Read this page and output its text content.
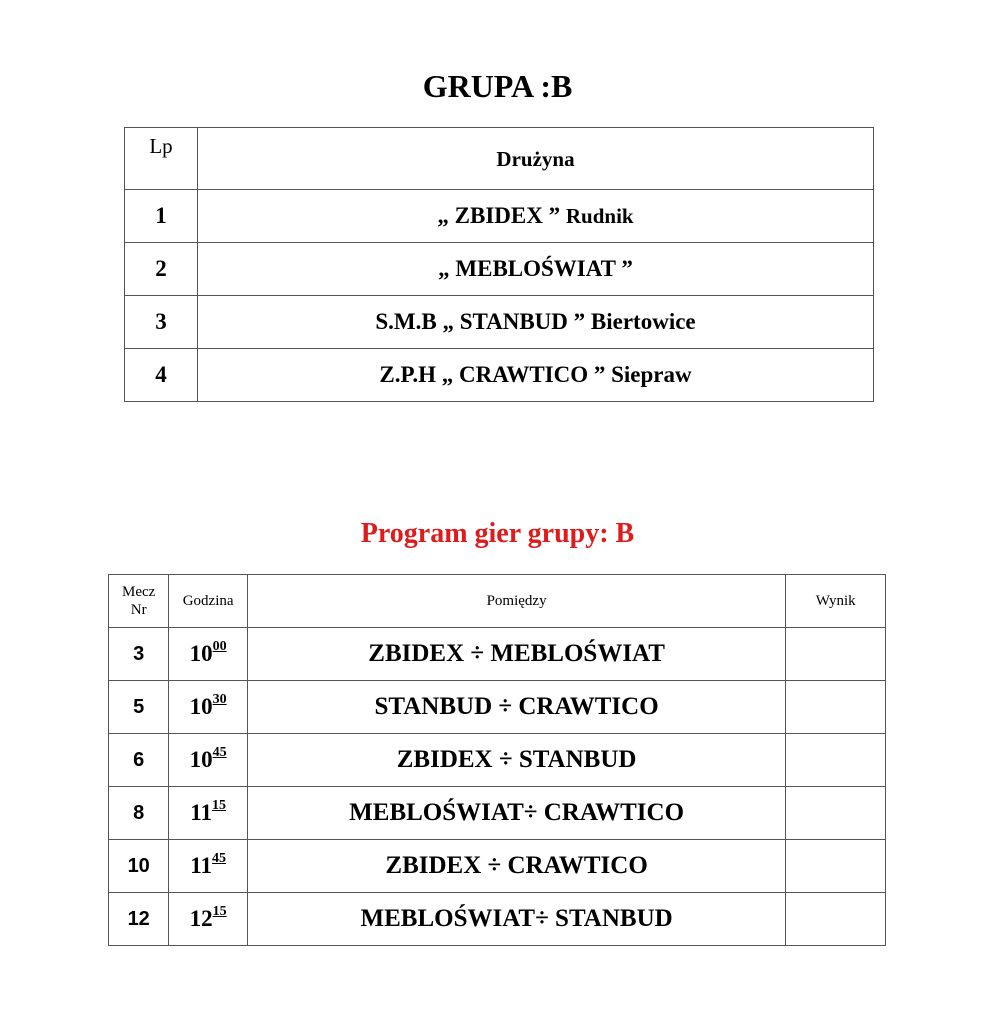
GRUPA :B
Lp	Drużyna
1	„ ZBIDEX ” Rudnik
2	„ MEBLOŚWIAT ”
3	S.M.B „ STANBUD ” Biertowice
4	Z.P.H „ CRAWTICO ” Siepraw
Program gier grupy: B
Mecz
Nr	Godzina	Pomiędzy	Wynik
3	$10^{00}$	ZBIDEX ÷ MEBLOŚWIAT	
5	$10^{30}$	STANBUD ÷ CRAWTICO	
6	$10^{45}$	ZBIDEX ÷ STANBUD	
8	$11^{15}$	MEBLOŚWIAT÷ CRAWTICO	
10	$11^{45}$	ZBIDEX ÷ CRAWTICO	
12	$12^{15}$	MEBLOŚWIAT÷ STANBUD	
